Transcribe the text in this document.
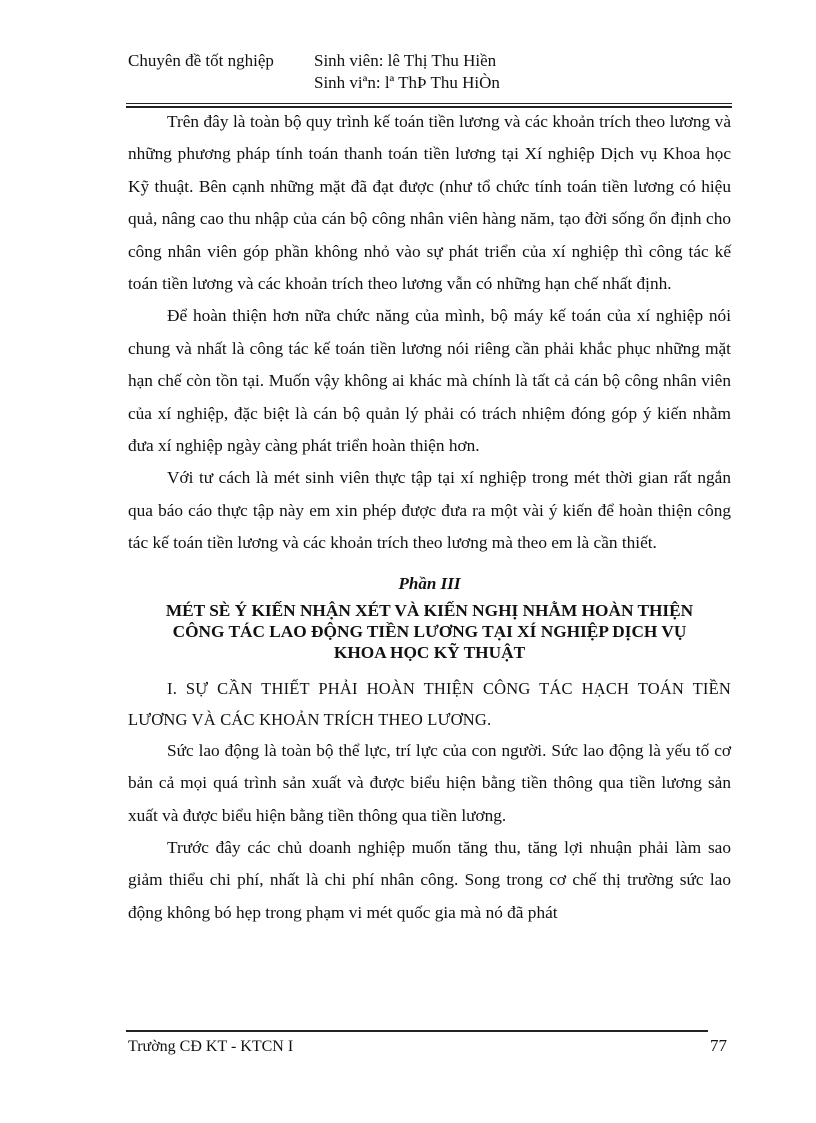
Chuyên đề tốt nghiệp Sinh viên: lê Thị Thu Hiền
Sinh viªn: lª ThÞ Thu HiÒn

Trên đây là toàn bộ quy trình kế toán tiền lương và các khoản trích theo lương và những phương pháp tính toán thanh toán tiền lương tại Xí nghiệp Dịch vụ Khoa học Kỹ thuật. Bên cạnh những mặt đã đạt được (như tổ chức tính toán tiền lương có hiệu quả, nâng cao thu nhập của cán bộ công nhân viên hàng năm, tạo đời sống ổn định cho công nhân viên góp phần không nhỏ vào sự phát triển của xí nghiệp thì công tác kế toán tiền lương và các khoản trích theo lương vẫn có những hạn chế nhất định.

Để hoàn thiện hơn nữa chức năng của mình, bộ máy kế toán của xí nghiệp nói chung và nhất là công tác kế toán tiền lương nói riêng cần phải khắc phục những mặt hạn chế còn tồn tại. Muốn vậy không ai khác mà chính là tất cả cán bộ công nhân viên của xí nghiệp, đặc biệt là cán bộ quản lý phải có trách nhiệm đóng góp ý kiến nhằm đưa xí nghiệp ngày càng phát triển hoàn thiện hơn.

Với tư cách là mét sinh viên thực tập tại xí nghiệp trong mét thời gian rất ngắn qua báo cáo thực tập này em xin phép được đưa ra một vài ý kiến để hoàn thiện công tác kế toán tiền lương và các khoản trích theo lương mà theo em là cần thiết.

Phần III
MÉT SÈ Ý KIẾN NHẬN XÉT VÀ KIẾN NGHỊ NHẰM HOÀN THIỆN
CÔNG TÁC LAO ĐỘNG TIỀN LƯƠNG TẠI XÍ NGHIỆP DỊCH VỤ
KHOA HỌC KỸ THUẬT

I. SỰ CẦN THIẾT PHẢI HOÀN THIỆN CÔNG TÁC HẠCH TOÁN TIỀN LƯƠNG VÀ CÁC KHOẢN TRÍCH THEO LƯƠNG.

Sức lao động là toàn bộ thể lực, trí lực của con người. Sức lao động là yếu tố cơ bản cả mọi quá trình sản xuất và được biểu hiện bằng tiền thông qua tiền lương sản xuất và được biểu hiện bằng tiền thông qua tiền lương.

Trước đây các chủ doanh nghiệp muốn tăng thu, tăng lợi nhuận phải làm sao giảm thiểu chi phí, nhất là chi phí nhân công. Song trong cơ chế thị trường sức lao động không bó hẹp trong phạm vi mét quốc gia mà nó đã phát

Trường CĐ KT - KTCN I	77
